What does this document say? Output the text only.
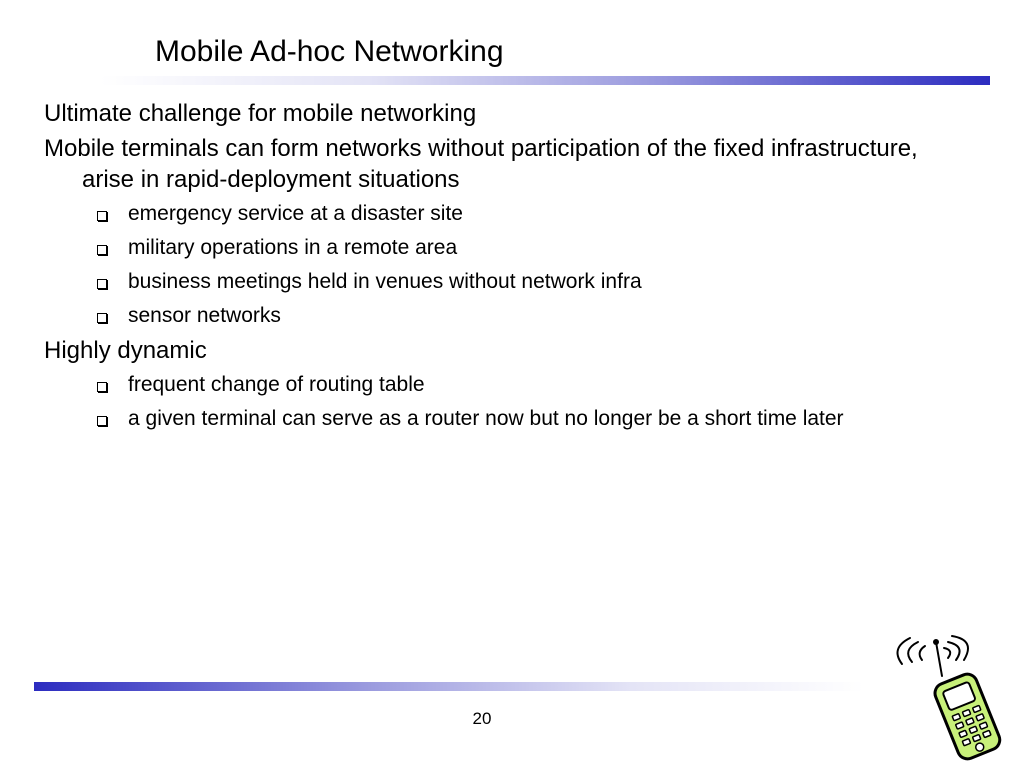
Mobile Ad-hoc Networking
Ultimate challenge for mobile networking
Mobile terminals can form networks without participation of the fixed infrastructure, arise in rapid-deployment situations
emergency service at a disaster site
military operations in a remote area
business meetings held in venues without network infra
sensor networks
Highly dynamic
frequent change of routing table
a given terminal can serve as a router now but no longer be a short time later
20
